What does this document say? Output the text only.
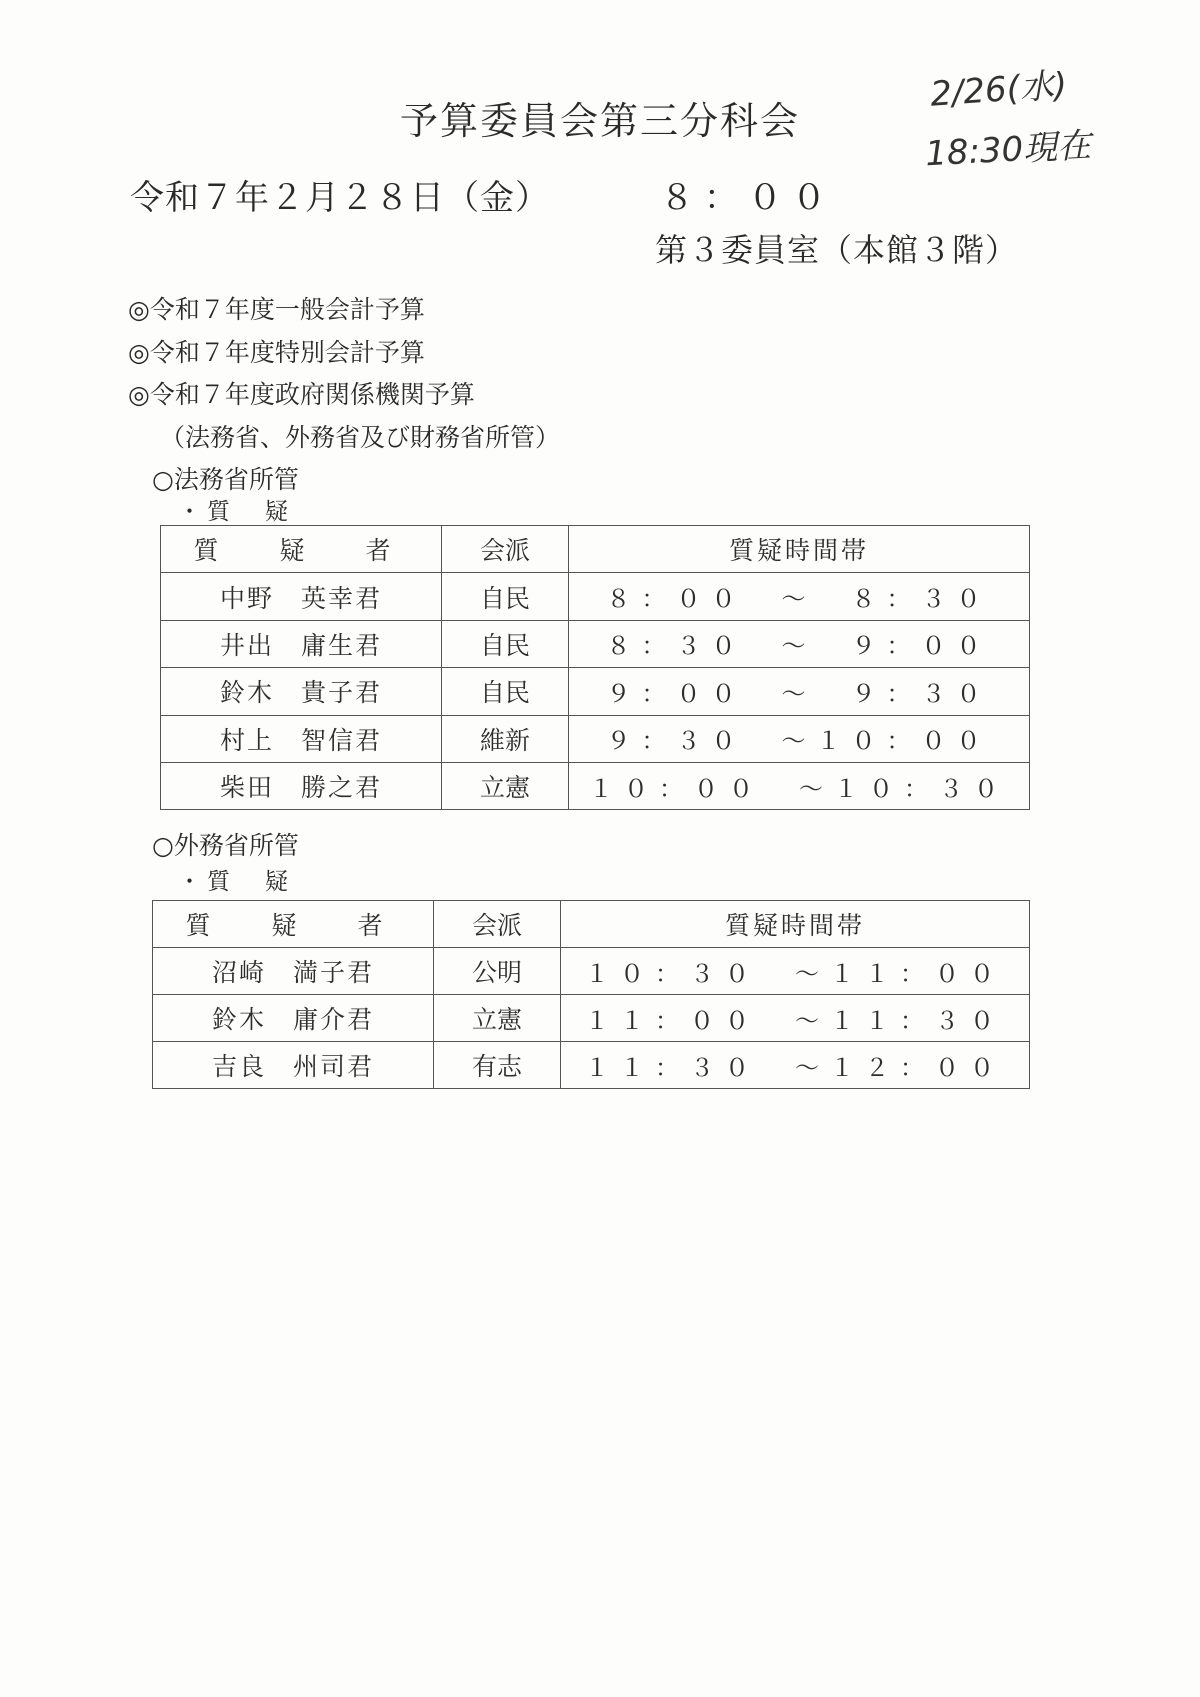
予算委員会第三分科会
2/26(水)
18:30現在
令和７年２月２８日（金）	８：００
第３委員室（本館３階）
◎令和７年度一般会計予算
◎令和７年度特別会計予算
◎令和７年度政府関係機関予算
（法務省、外務省及び財務省所管）
○法務省所管
・質　疑
質　疑　者	会派	質疑時間帯
中野　英幸君	自民	８：００　～　８：３０
井出　庸生君	自民	８：３０　～　９：００
鈴木　貴子君	自民	９：００　～　９：３０
村上　智信君	維新	９：３０　～１０：００
柴田　勝之君	立憲	１０：００　～１０：３０
○外務省所管
・質　疑
質　疑　者	会派	質疑時間帯
沼崎　満子君	公明	１０：３０　～１１：００
鈴木　庸介君	立憲	１１：００　～１１：３０
吉良　州司君	有志	１１：３０　～１２：００
